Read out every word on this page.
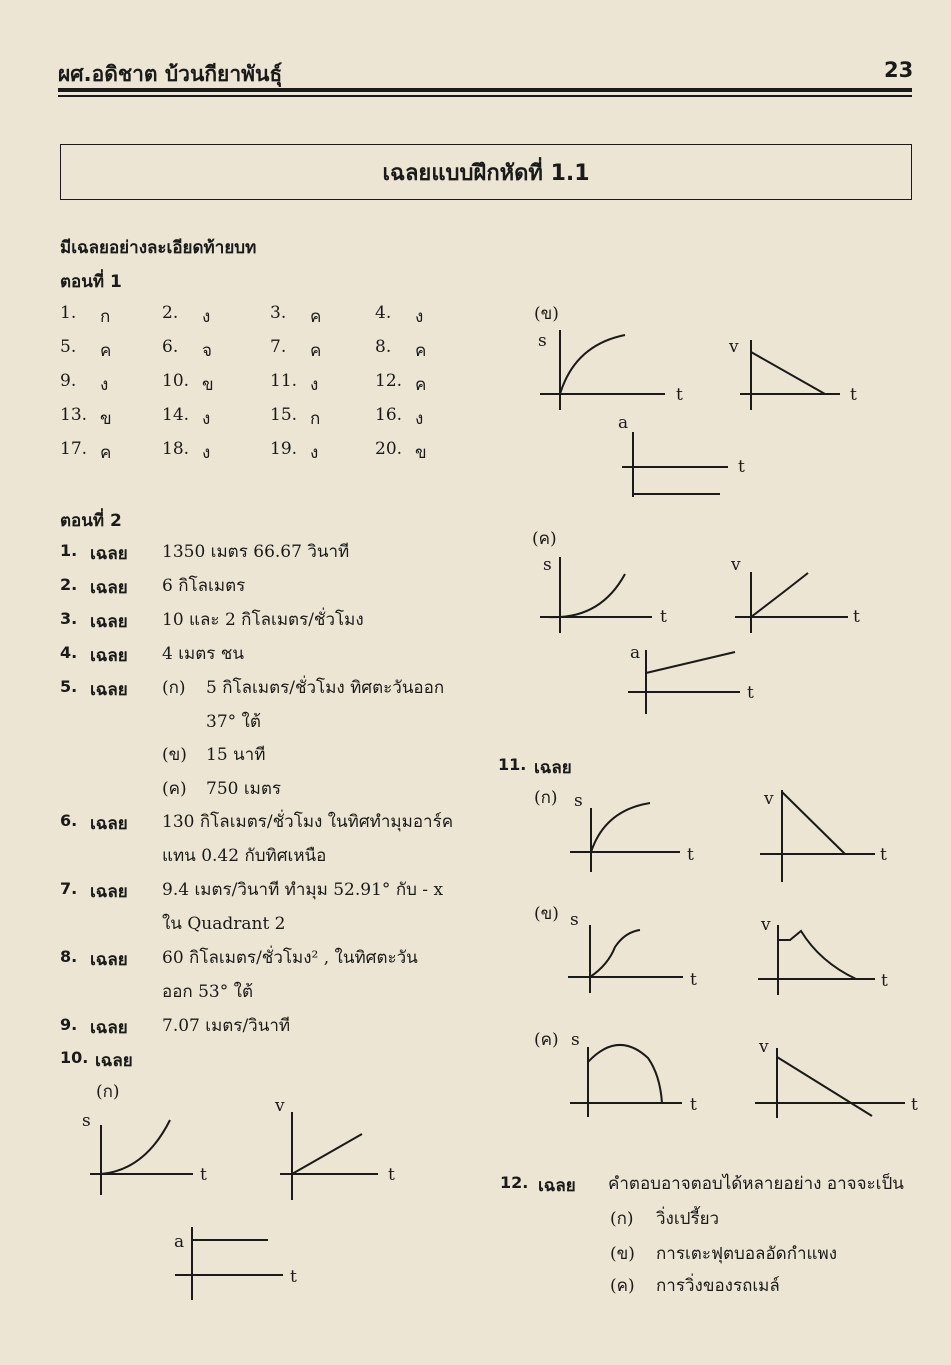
ผศ.อดิชาต บ้วนกียาพันธุ์	23
เฉลยแบบฝึกหัดที่ 1.1
มีเฉลยอย่างละเอียดท้ายบท
ตอนที่ 1
1. ก	2. ง	3. ค	4. ง
5. ค	6. จ	7. ค	8. ค
9. ง	10. ข	11. ง	12. ค
13. ข	14. ง	15. ก	16. ง
17. ค	18. ง	19. ง	20. ข
ตอนที่ 2
1. เฉลย 1350 เมตร 66.67 วินาที
2. เฉลย 6 กิโลเมตร
3. เฉลย 10 และ 2 กิโลเมตร/ชั่วโมง
4. เฉลย 4 เมตร ชน
5. เฉลย (ก) 5 กิโลเมตร/ชั่วโมง ทิศตะวันออก
37° ใต้
(ข) 15 นาที
(ค) 750 เมตร
6. เฉลย 130 กิโลเมตร/ชั่วโมง ในทิศทำมุมอาร์ค
แทน 0.42 กับทิศเหนือ
7. เฉลย 9.4 เมตร/วินาที ทำมุม 52.91° กับ - x
ใน Quadrant 2
8. เฉลย 60 กิโลเมตร/ชั่วโมง² , ในทิศตะวัน
ออก 53° ใต้
9. เฉลย 7.07 เมตร/วินาที
10. เฉลย
11. เฉลย
12. เฉลย คำตอบอาจตอบได้หลายอย่าง อาจจะเป็น
(ก) วิ่งเปรี้ยว
(ข) การเตะฟุตบอลอัดกำแพง
(ค) การวิ่งของรถเมล์
(ข)
s
t
v
t
a
t
(ค)
s
t
v
t
a
t
(ก) s
t
v
t
(ข) s
t
v
t
(ค) s
t
v
t
(ก)
s
t
v
t
a
t
